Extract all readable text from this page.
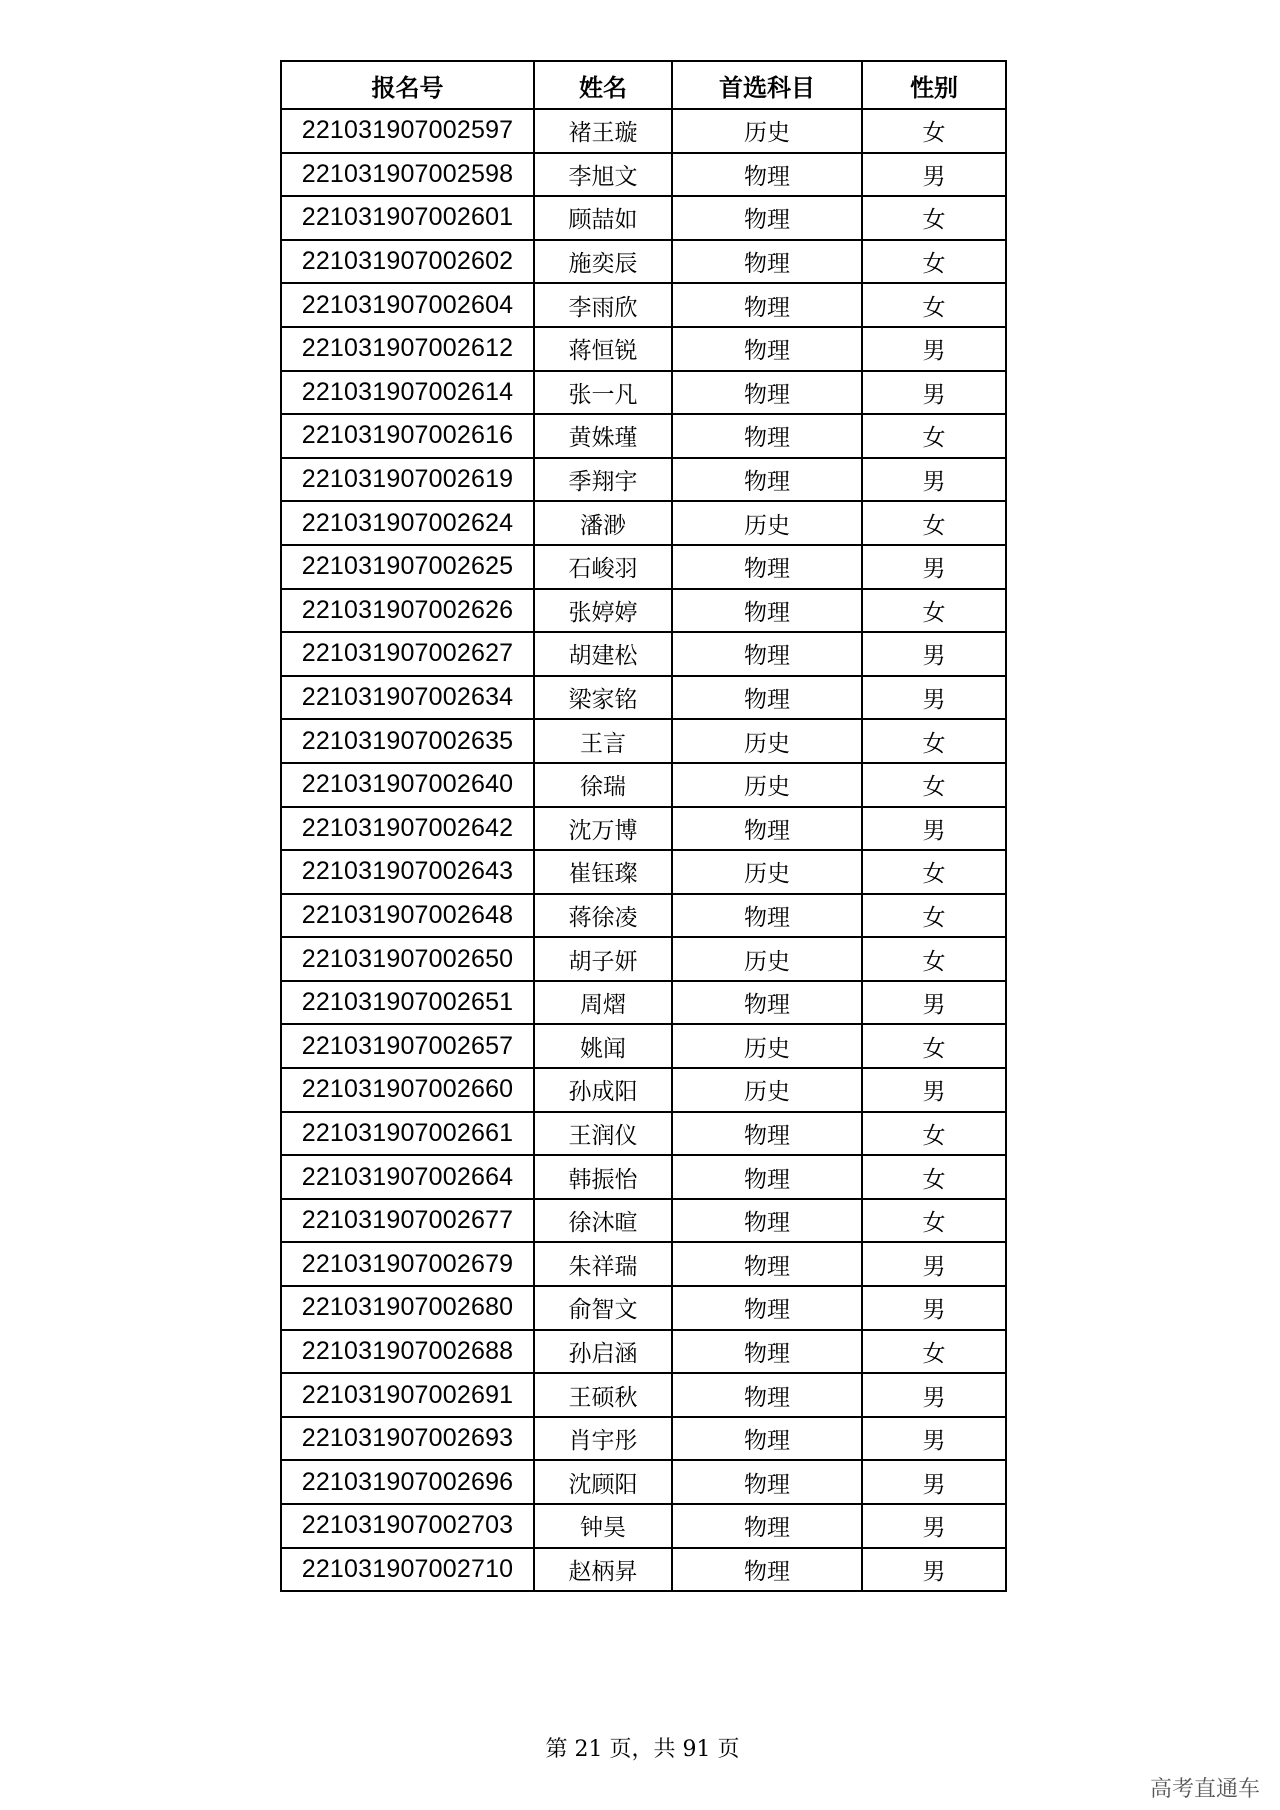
报名号	姓名	首选科目	性别
221031907002597	褚王璇	历史	女
221031907002598	李旭文	物理	男
221031907002601	顾喆如	物理	女
221031907002602	施奕辰	物理	女
221031907002604	李雨欣	物理	女
221031907002612	蒋恒锐	物理	男
221031907002614	张一凡	物理	男
221031907002616	黄姝瑾	物理	女
221031907002619	季翔宇	物理	男
221031907002624	潘渺	历史	女
221031907002625	石峻羽	物理	男
221031907002626	张婷婷	物理	女
221031907002627	胡建松	物理	男
221031907002634	梁家铭	物理	男
221031907002635	王言	历史	女
221031907002640	徐瑞	历史	女
221031907002642	沈万博	物理	男
221031907002643	崔钰璨	历史	女
221031907002648	蒋徐凌	物理	女
221031907002650	胡子妍	历史	女
221031907002651	周熠	物理	男
221031907002657	姚闻	历史	女
221031907002660	孙成阳	历史	男
221031907002661	王润仪	物理	女
221031907002664	韩振怡	物理	女
221031907002677	徐沐暄	物理	女
221031907002679	朱祥瑞	物理	男
221031907002680	俞智文	物理	男
221031907002688	孙启涵	物理	女
221031907002691	王硕秋	物理	男
221031907002693	肖宇彤	物理	男
221031907002696	沈顾阳	物理	男
221031907002703	钟昊	物理	男
221031907002710	赵柄昇	物理	男
第 21 页，共 91 页
高考直通车
